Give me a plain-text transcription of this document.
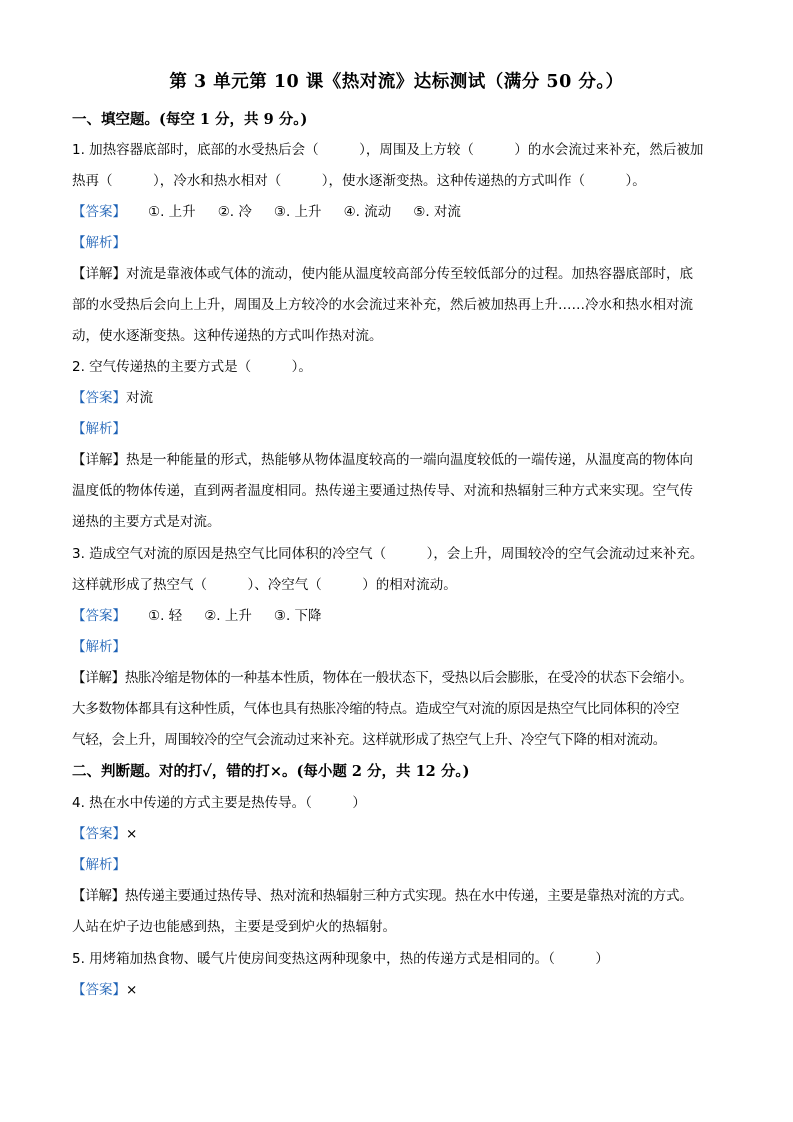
第 3 单元第 10 课《热对流》达标测试（满分 50 分。）
一、填空题。(每空 1 分，共 9 分。)
1. 加热容器底部时，底部的水受热后会（　　　），周围及上方较（　　　）的水会流过来补充，然后被加
热再（　　　），冷水和热水相对（　　　），使水逐渐变热。这种传递热的方式叫作（　　　）。
【答案】 ①. 上升 ②. 冷 ③. 上升 ④. 流动 ⑤. 对流
【解析】
【详解】对流是靠液体或气体的流动，使内能从温度较高部分传至较低部分的过程。加热容器底部时，底
部的水受热后会向上上升，周围及上方较冷的水会流过来补充，然后被加热再上升……冷水和热水相对流
动，使水逐渐变热。这种传递热的方式叫作热对流。
2. 空气传递热的主要方式是（　　　）。
【答案】对流
【解析】
【详解】热是一种能量的形式，热能够从物体温度较高的一端向温度较低的一端传递，从温度高的物体向
温度低的物体传递，直到两者温度相同。热传递主要通过热传导、对流和热辐射三种方式来实现。空气传
递热的主要方式是对流。
3. 造成空气对流的原因是热空气比同体积的冷空气（　　　），会上升，周围较冷的空气会流动过来补充。
这样就形成了热空气（　　　）、冷空气（　　　）的相对流动。
【答案】 ①. 轻 ②. 上升 ③. 下降
【解析】
【详解】热胀冷缩是物体的一种基本性质，物体在一般状态下，受热以后会膨胀，在受冷的状态下会缩小。
大多数物体都具有这种性质，气体也具有热胀冷缩的特点。造成空气对流的原因是热空气比同体积的冷空
气轻，会上升，周围较冷的空气会流动过来补充。这样就形成了热空气上升、冷空气下降的相对流动。
二、判断题。对的打✓，错的打×。(每小题 2 分，共 12 分。)
4. 热在水中传递的方式主要是热传导。（　　　）
【答案】×
【解析】
【详解】热传递主要通过热传导、热对流和热辐射三种方式实现。热在水中传递，主要是靠热对流的方式。
人站在炉子边也能感到热，主要是受到炉火的热辐射。
5. 用烤箱加热食物、暖气片使房间变热这两种现象中，热的传递方式是相同的。（　　　）
【答案】×
